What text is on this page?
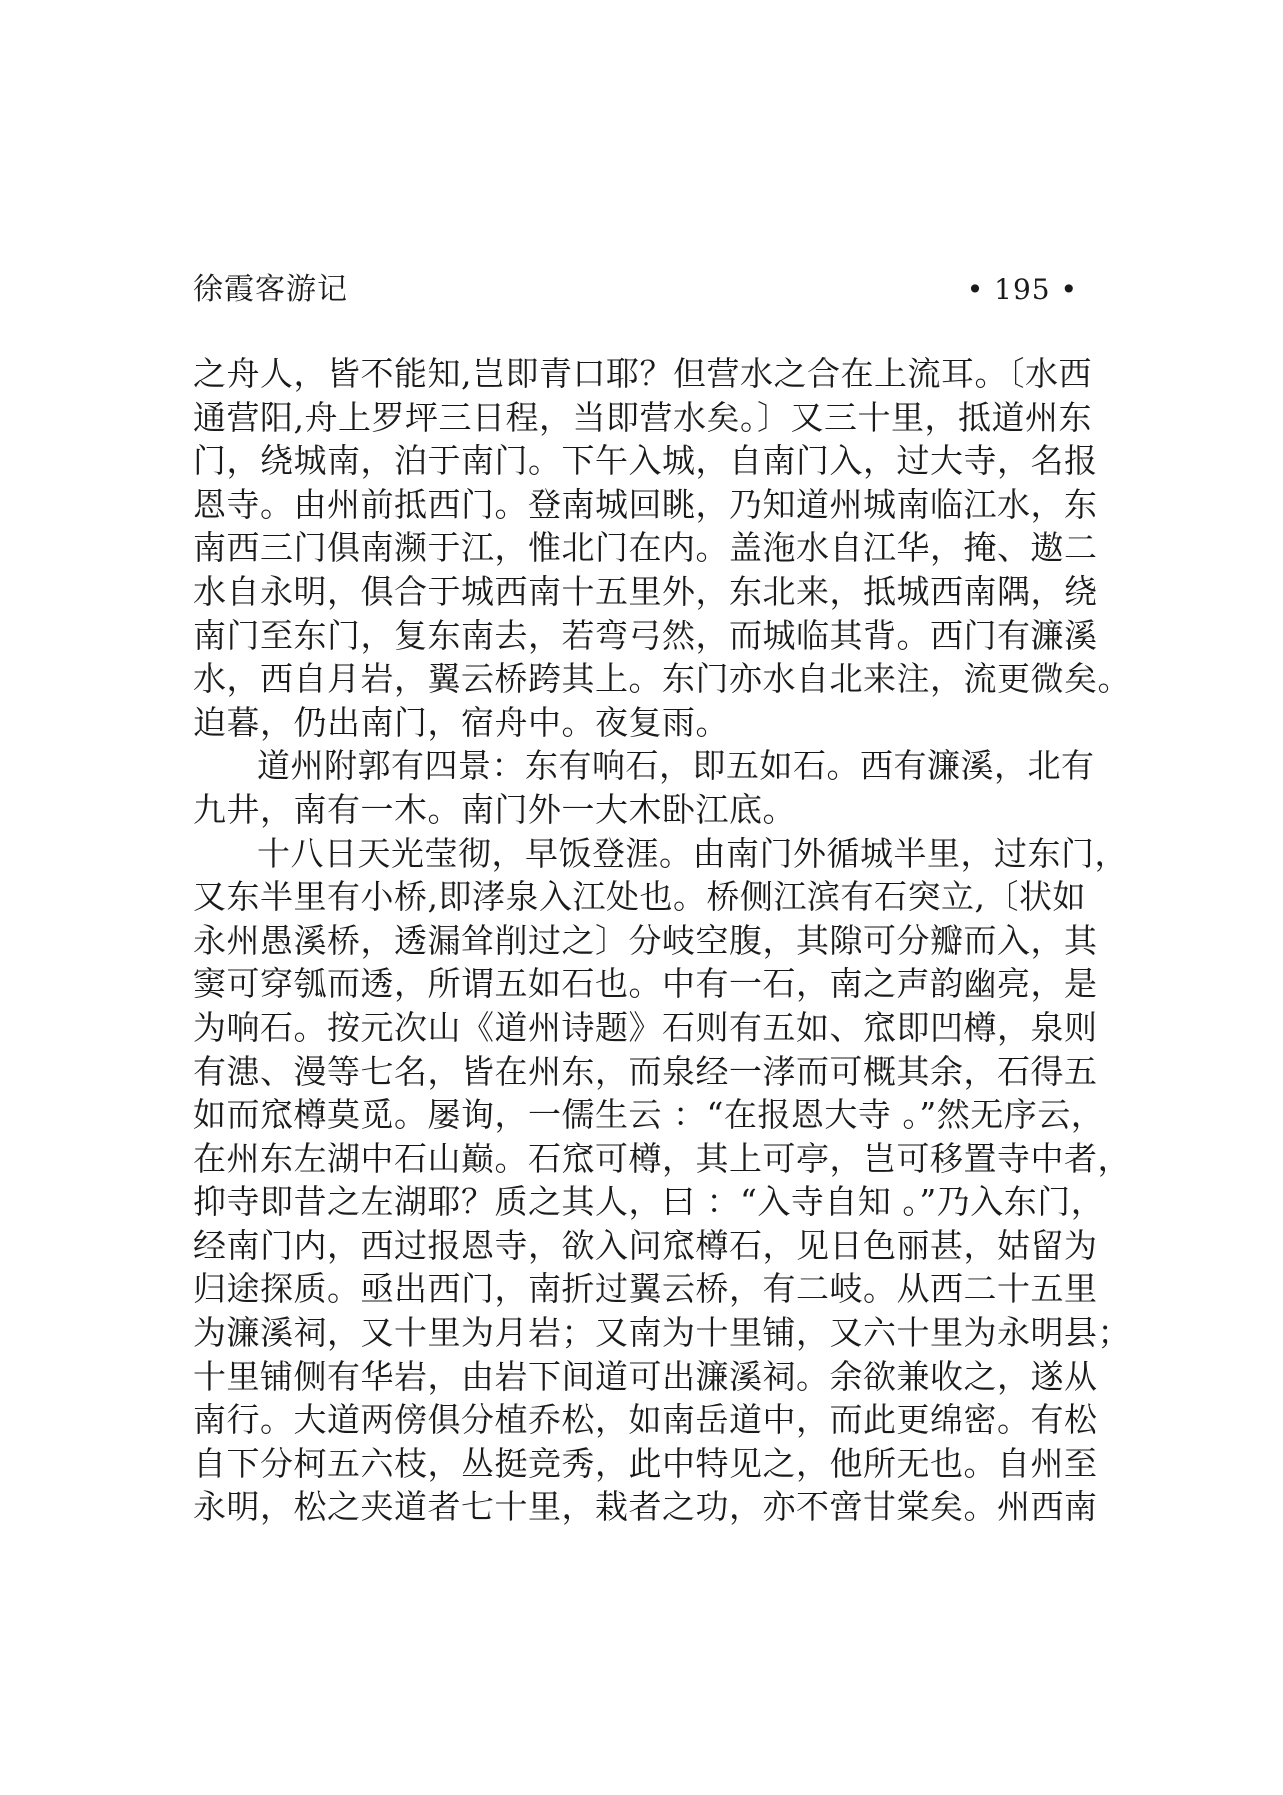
徐霞客游记	• 195 •
之舟人，皆不能知,岂即青口耶？但营水之合在上流耳。〔水西
通营阳,舟上罗坪三日程，当即营水矣。〕又三十里，抵道州东
门，绕城南，泊于南门。下午入城，自南门入，过大寺，名报
恩寺。由州前抵西门。登南城回眺，乃知道州城南临江水，东
南西三门俱南濒于江，惟北门在内。盖沲水自江华，掩、遨二
水自永明，俱合于城西南十五里外，东北来，抵城西南隅，绕
南门至东门，复东南去，若弯弓然，而城临其背。西门有濂溪
水，西自月岩，翼云桥跨其上。东门亦水自北来注，流更微矣。
迫暮，仍出南门，宿舟中。夜复雨。
道州附郭有四景：东有响石，即五如石。西有濂溪，北有
九井，南有一木。南门外一大木卧江底。
十八日天光莹彻，早饭登涯。由南门外循城半里，过东门，
又东半里有小桥,即涍泉入江处也。桥侧江滨有石突立,〔状如
永州愚溪桥，透漏耸削过之〕分岐空腹，其隙可分瓣而入，其
窦可穿瓠而透，所谓五如石也。中有一石，南之声韵幽亮，是
为响石。按元次山《道州诗题》石则有五如、窊即凹樽，泉则
有漶、漫等七名，皆在州东，而泉经一涍而可概其余，石得五
如而窊樽莫觅。屡询，一儒生云 ：“在报恩大寺 。”然无序云，
在州东左湖中石山巅。石窊可樽，其上可亭，岂可移置寺中者，
抑寺即昔之左湖耶？质之其人，曰 ：“入寺自知 。”乃入东门，
经南门内，西过报恩寺，欲入问窊樽石，见日色丽甚，姑留为
归途探质。亟出西门，南折过翼云桥，有二岐。从西二十五里
为濂溪祠，又十里为月岩；又南为十里铺，又六十里为永明县；
十里铺侧有华岩，由岩下间道可出濂溪祠。余欲兼收之，遂从
南行。大道两傍俱分植乔松，如南岳道中，而此更绵密。有松
自下分柯五六枝，丛挺竞秀，此中特见之，他所无也。自州至
永明，松之夹道者七十里，栽者之功，亦不啻甘棠矣。州西南
